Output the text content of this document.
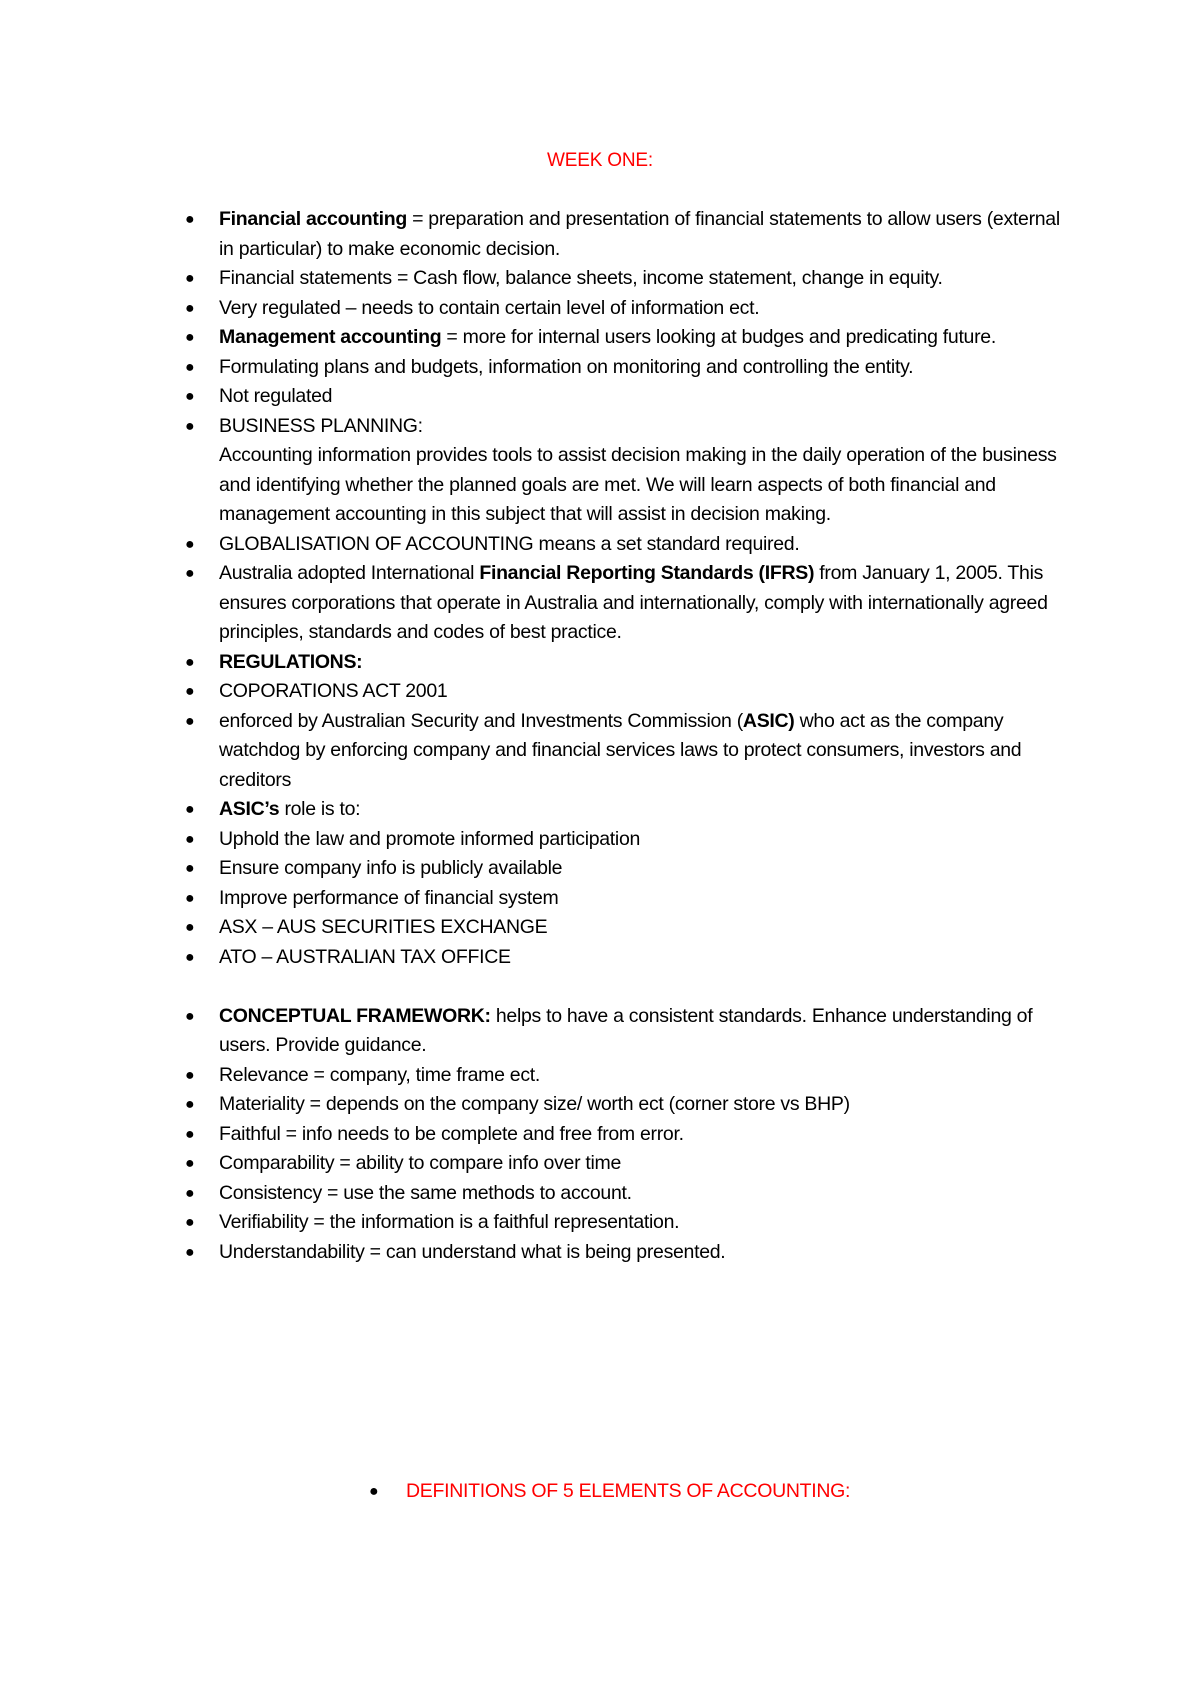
WEEK ONE:
● Financial accounting = preparation and presentation of financial statements to allow users (external in particular) to make economic decision.
● Financial statements = Cash flow, balance sheets, income statement, change in equity.
● Very regulated – needs to contain certain level of information ect.
● Management accounting = more for internal users looking at budges and predicating future.
● Formulating plans and budgets, information on monitoring and controlling the entity.
● Not regulated
● BUSINESS PLANNING:
Accounting information provides tools to assist decision making in the daily operation of the business and identifying whether the planned goals are met. We will learn aspects of both financial and management accounting in this subject that will assist in decision making.
● GLOBALISATION OF ACCOUNTING means a set standard required.
● Australia adopted International Financial Reporting Standards (IFRS) from January 1, 2005. This ensures corporations that operate in Australia and internationally, comply with internationally agreed principles, standards and codes of best practice.
● REGULATIONS:
● COPORATIONS ACT 2001
● enforced by Australian Security and Investments Commission (ASIC) who act as the company watchdog by enforcing company and financial services laws to protect consumers, investors and creditors
● ASIC’s role is to:
● Uphold the law and promote informed participation
● Ensure company info is publicly available
● Improve performance of financial system
● ASX – AUS SECURITIES EXCHANGE
● ATO – AUSTRALIAN TAX OFFICE
● CONCEPTUAL FRAMEWORK: helps to have a consistent standards. Enhance understanding of users. Provide guidance.
● Relevance = company, time frame ect.
● Materiality = depends on the company size/ worth ect (corner store vs BHP)
● Faithful = info needs to be complete and free from error.
● Comparability = ability to compare info over time
● Consistency = use the same methods to account.
● Verifiability = the information is a faithful representation.
● Understandability = can understand what is being presented.
● DEFINITIONS OF 5 ELEMENTS OF ACCOUNTING:
